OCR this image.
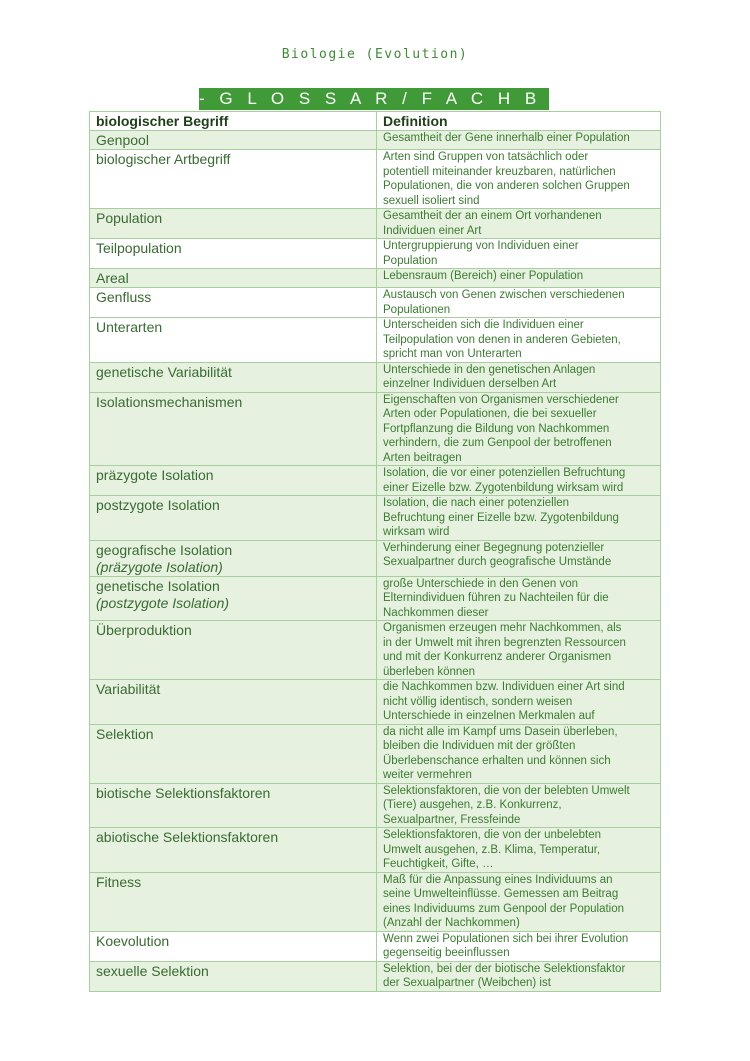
Biologie (Evolution)
- G L O S S A R / F A C H B E G R I F F E -
biologischer Begriff	Definition
Genpool	Gesamtheit der Gene innerhalb einer Population

biologischer Artbegriff	Arten sind Gruppen von tatsächlich oder
potentiell miteinander kreuzbaren, natürlichen
Populationen, die von anderen solchen Gruppen
sexuell isoliert sind

Population	Gesamtheit der an einem Ort vorhandenen
Individuen einer Art

Teilpopulation	Untergruppierung von Individuen einer
Population

Areal	Lebensraum (Bereich) einer Population

Genfluss	Austausch von Genen zwischen verschiedenen
Populationen

Unterarten	Unterscheiden sich die Individuen einer
Teilpopulation von denen in anderen Gebieten,
spricht man von Unterarten

genetische Variabilität	Unterschiede in den genetischen Anlagen
einzelner Individuen derselben Art

Isolationsmechanismen	Eigenschaften von Organismen verschiedener
Arten oder Populationen, die bei sexueller
Fortpflanzung die Bildung von Nachkommen
verhindern, die zum Genpool der betroffenen
Arten beitragen

präzygote Isolation	Isolation, die vor einer potenziellen Befruchtung
einer Eizelle bzw. Zygotenbildung wirksam wird

postzygote Isolation	Isolation, die nach einer potenziellen
Befruchtung einer Eizelle bzw. Zygotenbildung
wirksam wird

geografische Isolation
(präzygote Isolation)	Verhinderung einer Begegnung potenzieller
Sexualpartner durch geografische Umstände

genetische Isolation
(postzygote Isolation)	große Unterschiede in den Genen von
Elternindividuen führen zu Nachteilen für die
Nachkommen dieser

Überproduktion	Organismen erzeugen mehr Nachkommen, als
in der Umwelt mit ihren begrenzten Ressourcen
und mit der Konkurrenz anderer Organismen
überleben können

Variabilität	die Nachkommen bzw. Individuen einer Art sind
nicht völlig identisch, sondern weisen
Unterschiede in einzelnen Merkmalen auf

Selektion	da nicht alle im Kampf ums Dasein überleben,
bleiben die Individuen mit der größten
Überlebenschance erhalten und können sich
weiter vermehren

biotische Selektionsfaktoren	Selektionsfaktoren, die von der belebten Umwelt
(Tiere) ausgehen, z.B. Konkurrenz,
Sexualpartner, Fressfeinde

abiotische Selektionsfaktoren	Selektionsfaktoren, die von der unbelebten
Umwelt ausgehen, z.B. Klima, Temperatur,
Feuchtigkeit, Gifte, …

Fitness	Maß für die Anpassung eines Individuums an
seine Umwelteinflüsse. Gemessen am Beitrag
eines Individuums zum Genpool der Population
(Anzahl der Nachkommen)

Koevolution	Wenn zwei Populationen sich bei ihrer Evolution
gegenseitig beeinflussen

sexuelle Selektion	Selektion, bei der der biotische Selektionsfaktor
der Sexualpartner (Weibchen) ist
